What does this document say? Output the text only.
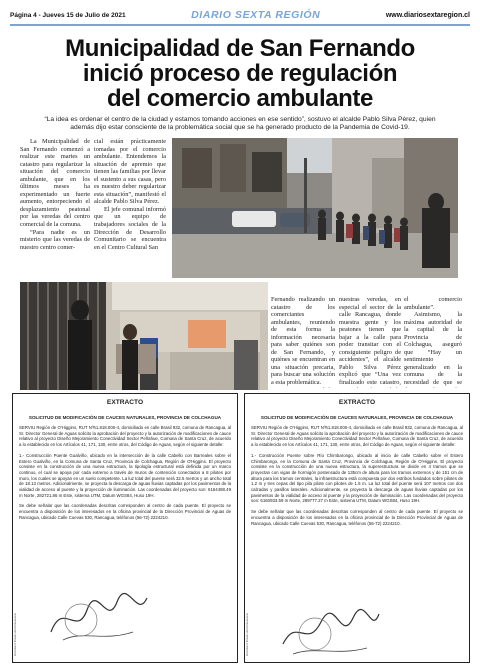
Página 4 - Jueves 15 de Julio de 2021	DIARIO SEXTA REGIÓN	www.diariosextaregion.cl
Municipalidad de San Fernando
inició proceso de regulación
del comercio ambulante
“La idea es ordenar el centro de la ciudad y estamos tomando acciones en ese sentido”, sostuvo el alcalde Pablo Silva Pérez, quien además dijo estar consciente de la problemática social que se ha generado producto de la Pandemia de Covid-19.

La Municipalidad de San Fernando comenzó a realizar este martes un catastro para regularizar la situación del comercio ambulante, que en los últimos meses ha experimentado un fuerte aumento, entorpeciendo el desplazamiento peatonal por las veredas del centro comercial de la comuna.

“Para nadie es un misterio que las veredas de nuestro centro comer-

cial están prácticamente tomadas por el comercio ambulante. Entendemos la situación de apremio que tienen las familias por llevar el sustento a sus casas, pero es nuestro deber regularizar esta situación”, manifestó el alcalde Pablo Silva Pérez.

El jefe comunal informó que un equipo de trabajadores sociales de la Dirección de Desarrollo Comunitario se encuentra en el Centro Cultural San

Fernando realizando un catastro de los comerciantes ambulantes, reuniendo de esta forma la información necesaria para saber quiénes son de San Fernando, y quiénes se encuentran en una situación precaria, para buscar una solución a esta problemática.

nuestras veredas, en especial el sector de la calle Rancagua, donde muestra gente y los peatones tienen que bajar a la calle para poder transitar con el consiguiente peligro de accidentes”, el alcalde Pablo Silva Pérez explicó que “Una vez finalizado este catastro,

el comercio ambulante”.

Asimismo, la máxima autoridad de la capital de la Provincia de Colchagua, aseguró que “Hay un sentimiento generalizado en la comuna de la necesidad de que se

EXTRACTO
SOLICITUD DE MODIFICACIÓN DE CAUCES NATURALES, PROVINCIA DE COLCHAGUA

SERVIU Región de O'Higgins, RUT Nº61.818.000-4, domiciliado en calle Brasil 932, comuna de Rancagua, al Sr. Director General de Aguas solicito la aprobación del proyecto y la autorización de modificaciones de cauce relativo al proyecto Diseño Mejoramiento Conectividad Sector Peñahue, Comuna de Santa Cruz, de acuerdo a lo establecido en los Artículos 41, 171, 130, entre otros, del Código de Aguas, según el siguiente detalle:

1.- Construcción Puente Gualviño, ubicado en la intersección de la calle Cabello con Barreales sobre el Estero Gualviño, en la Comuna de Santa Cruz, Provincia de Colchagua, Región de O'Higgins. El proyecto consiste en la construcción de una nueva estructura, la tipología estructural está definida por un marco continuo, el cual se apoya por cada extremo a través de muros de contención conectados a 8 pilotes por muro, los cuales se apoyan en un suelo competente. La luz total del puente será 32.5 metros y un ancho total de 18.13 metros. Adicionalmente, se proyecta la descarga de aguas lluvias captadas por los pavimentos de la vialidad de acceso al puente y la proyección de iluminación. Las coordenadas del proyecto son: 6164488.49 m Norte, 282721.86 m Este, sistema UTM, Datum WGS84, Huso 19H.

Se debe señalar que las coordenadas descritas corresponden al centro de cada puente. El proyecto se encuentra a disposición de los interesados en la oficina provincial de la Dirección Provincial de Aguas de Rancagua, ubicado Calle Cuevas 530, Rancagua, teléfonos (56-72) 2224210.

Documento firmado electrónicamente
EXTRACTO
SOLICITUD DE MODIFICACIÓN DE CAUCES NATURALES, PROVINCIA DE COLCHAGUA

SERVIU Región de O'Higgins, RUT Nº61.818.000-4, domiciliado en calle Brasil 932, comuna de Rancagua, al Sr. Director General de Aguas solicito la aprobación del proyecto y la autorización de modificaciones de cauce relativo al proyecto Diseño Mejoramiento Conectividad Sector Peñahue, Comuna de Santa Cruz, de acuerdo a lo establecido en los Artículos 41, 171, 130, entre otros, del Código de Aguas, según el siguiente detalle:

1.- Construcción Puente sobre Río Chimbarongo, ubicado al inicio de calle Cabello sobre el Estero Chimbarongo, en la Comuna de Santa Cruz, Provincia de Colchagua, Región de O'Higgins. El proyecto consiste en la construcción de una nueva estructura, la superestructura se divide en 4 tramos que se proyectan con vigas de hormigón postensado de 135cm de altura para los tramos extremos y de 151 cm de altura para los tramos centrales, la infraestructura está compuesta por dos estribos fundados sobre pilotes de 1.2 m y tres cepas del tipo pila pilote con pilotes de 1.5 m. La luz total del puente será 107 metros con dos calzadas y pasillos laterales. Adicionalmente, se proyecta la descarga de aguas lluvias captadas por los pavimentos de la vialidad de acceso al puente y la proyección de iluminación. Las coordenadas del proyecto son: 6160933.59 m Norte, 289777.27 m Este, sistema UTM, Datum WGS84, Huso 19H.

Se debe señalar que las coordenadas descritas corresponden al centro de cada puente. El proyecto se encuentra a disposición de los interesados en la oficina provincial de la Dirección Provincial de Aguas de Rancagua, ubicado Calle Cuevas 530, Rancagua, teléfonos (56-72) 2224210.

Documento firmado electrónicamente
